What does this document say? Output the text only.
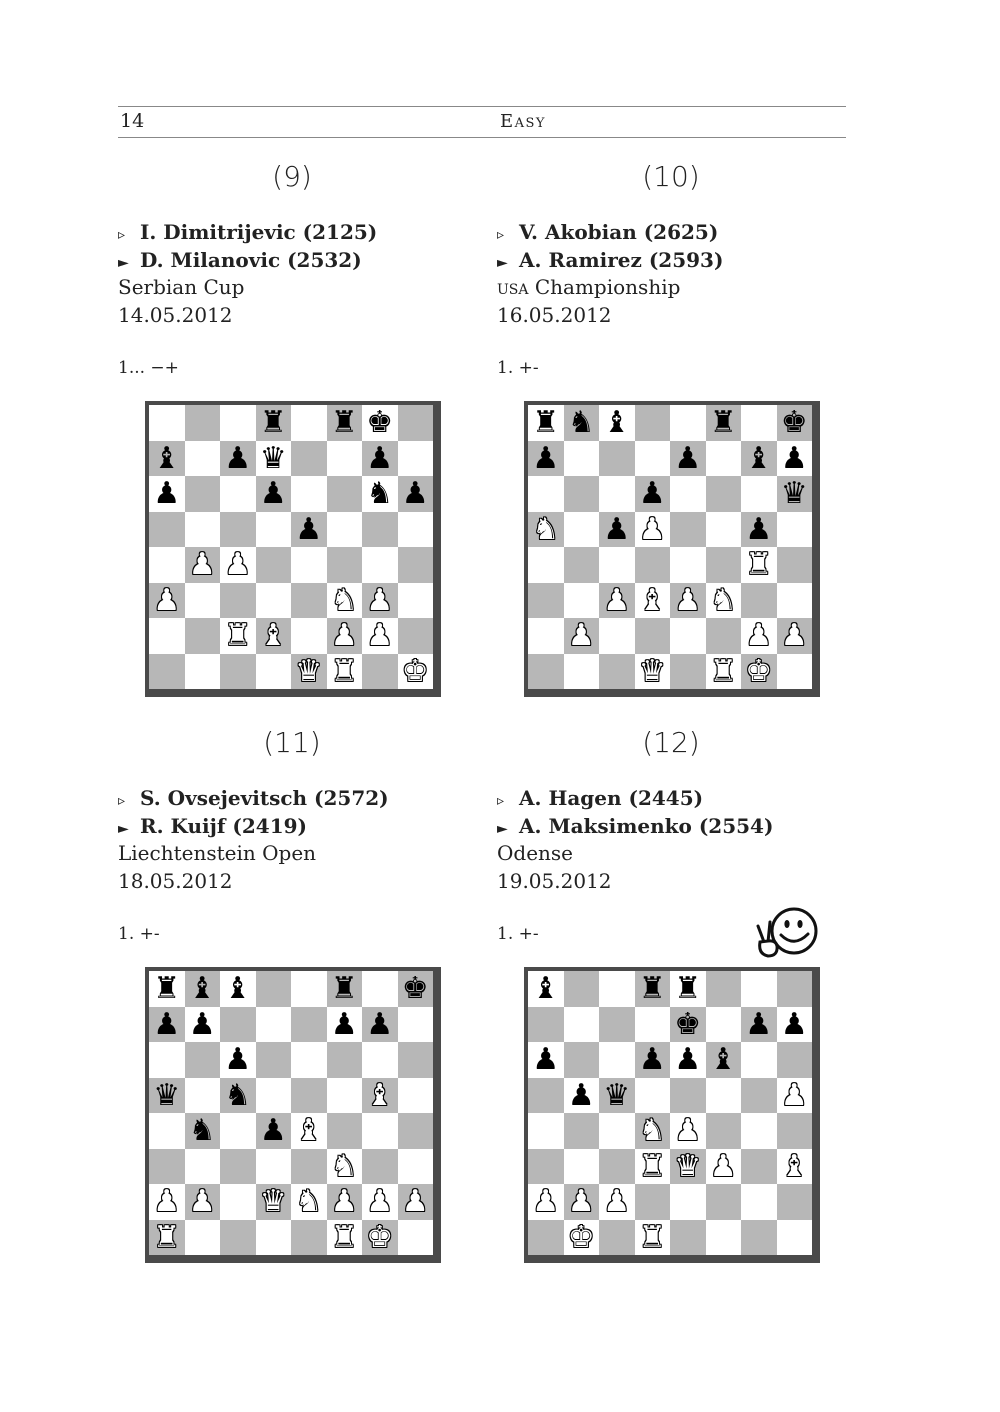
14	Easy
(9)
▹ I. Dimitrijevic (2125)
► D. Milanovic (2532)
Serbian Cup
14.05.2012
1... −+
♜ ♜ ♚
♝ ♟ ♛	♟
♟	♟	♞ ♟
♟
♟ ♟
♟	♞ ♟
♜ ♝ ♟ ♟
♛ ♜ ♚
(10)
▹ V. Akobian (2625)
► A. Ramirez (2593)
usa Championship
16.05.2012
1. +-
♜ ♞ ♝	♜ ♚
♟	♟ ♝ ♟
♟	♛
♞ ♟ ♟	♟
♜
♟ ♝ ♟ ♞
♟	♟ ♟
♛ ♜ ♚
(11)
▹ S. Ovsejevitsch (2572)
► R. Kuijf (2419)
Liechtenstein Open
18.05.2012
1. +-
♜ ♝ ♝	♜ ♚
♟ ♟	♟ ♟
♟
♛ ♞	♝
♞ ♟ ♝
♞
♟ ♟ ♛ ♞ ♟ ♟ ♟
♜	♜ ♚
(12)
▹ A. Hagen (2445)
► A. Maksimenko (2554)
Odense
19.05.2012
1. +-
♝	♜ ♜
♚ ♟ ♟
♟	♟ ♟ ♝
♟ ♛	♟
♞ ♟
♜ ♛ ♟ ♝
♟ ♟ ♟
♚ ♜
